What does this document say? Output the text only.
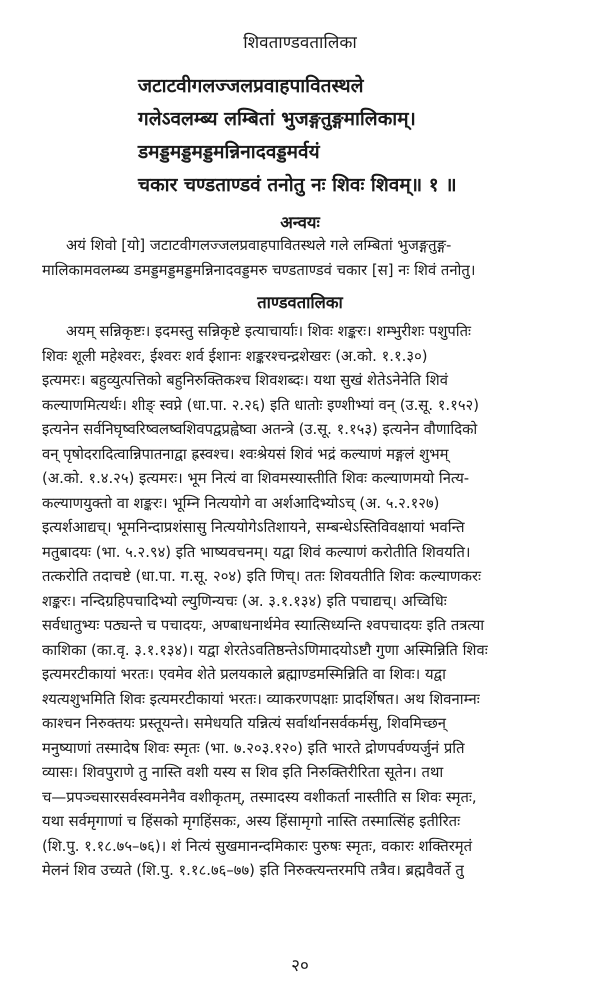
शिवताण्डवतालिका
जटाटवीगलज्जलप्रवाहपावितस्थले
गलेऽवलम्ब्य लम्बितां भुजङ्गतुङ्गमालिकाम्।
डमड्डमड्डमड्डमन्निनादवड्डमर्वयं
चकार चण्डताण्डवं तनोतु नः शिवः शिवम्॥ १ ॥
अन्वयः
अयं शिवो [यो] जटाटवीगलज्जलप्रवाहपावितस्थले गले लम्बितां भुजङ्गतुङ्ग-
मालिकामवलम्ब्य डमड्डमड्डमड्डमन्निनादवड्डमरु चण्डताण्डवं चकार [स] नः शिवं तनोतु।
ताण्डवतालिका
अयम् सन्निकृष्टः। इदमस्तु सन्निकृष्टे इत्याचार्याः। शिवः शङ्करः। शम्भुरीशः पशुपतिः
शिवः शूली महेश्वरः, ईश्वरः शर्व ईशानः शङ्करश्चन्द्रशेखरः (अ.को. १.१.३०)
इत्यमरः। बहुव्युत्पत्तिको बहुनिरुक्तिकश्च शिवशब्दः। यथा सुखं शेतेऽनेनेति शिवं
कल्याणमित्यर्थः। शीङ् स्वप्ने (धा.पा. २.२६) इति धातोः इण्शीभ्यां वन् (उ.सू. १.१५२)
इत्यनेन सर्वनिघृष्वरिष्वलष्वशिवपद्वप्रह्वेष्वा अतन्त्रे (उ.सू. १.१५३) इत्यनेन वौणादिको
वन् पृषोदरादित्वान्निपातनाद्वा ह्रस्वश्च। श्वःश्रेयसं शिवं भद्रं कल्याणं मङ्गलं शुभम्
(अ.को. १.४.२५) इत्यमरः। भूम नित्यं वा शिवमस्यास्तीति शिवः कल्याणमयो नित्य-
कल्याणयुक्तो वा शङ्करः। भूम्नि नित्ययोगे वा अर्शआदिभ्योऽच् (अ. ५.२.१२७)
इत्यर्शआद्यच्। भूमनिन्दाप्रशंसासु नित्ययोगेऽतिशायने, सम्बन्धेऽस्तिविवक्षायां भवन्ति
मतुबादयः (भा. ५.२.९४) इति भाष्यवचनम्। यद्वा शिवं कल्याणं करोतीति शिवयति।
तत्करोति तदाचष्टे (धा.पा. ग.सू. २०४) इति णिच्। ततः शिवयतीति शिवः कल्याणकरः
शङ्करः। नन्दिग्रहिपचादिभ्यो ल्युणिन्यचः (अ. ३.१.१३४) इति पचाद्यच्। अच्विधिः
सर्वधातुभ्यः पठ्यन्ते च पचादयः, अण्बाधनार्थमेव स्यात्सिध्यन्ति श्वपचादयः इति तत्रत्या
काशिका (का.वृ. ३.१.१३४)। यद्वा शेरतेऽवतिष्ठन्तेऽणिमादयोऽष्टौ गुणा अस्मिन्निति शिवः
इत्यमरटीकायां भरतः। एवमेव शेते प्रलयकाले ब्रह्माण्डमस्मिन्निति वा शिवः। यद्वा
श्यत्यशुभमिति शिवः इत्यमरटीकायां भरतः। व्याकरणपक्षाः प्रादर्शिषत। अथ शिवनाम्नः
काश्चन निरुक्तयः प्रस्तूयन्ते। समेधयति यन्नित्यं सर्वार्थानसर्वकर्मसु, शिवमिच्छन्
मनुष्याणां तस्मादेष शिवः स्मृतः (भा. ७.२०३.१२०) इति भारते द्रोणपर्वण्यर्जुनं प्रति
व्यासः। शिवपुराणे तु नास्ति वशी यस्य स शिव इति निरुक्तिरीरिता सूतेन। तथा
च—प्रपञ्चसारसर्वस्वमनेनैव वशीकृतम्, तस्मादस्य वशीकर्ता नास्तीति स शिवः स्मृतः,
यथा सर्वमृगाणां च हिंसको मृगहिंसकः, अस्य हिंसामृगो नास्ति तस्मात्सिंह इतीरितः
(शि.पु. १.१८.७५–७६)। शं नित्यं सुखमानन्दमिकारः पुरुषः स्मृतः, वकारः शक्तिरमृतं
मेलनं शिव उच्यते (शि.पु. १.१८.७६–७७) इति निरुक्त्यन्तरमपि तत्रैव। ब्रह्मवैवर्ते तु
२०
